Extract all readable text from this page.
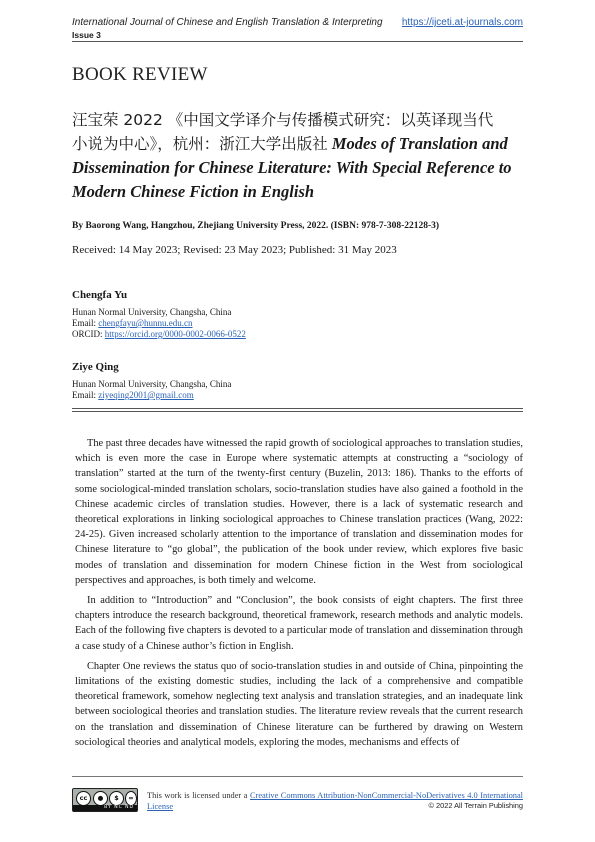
International Journal of Chinese and English Translation & Interpreting
Issue 3
https://ijceti.at-journals.com
BOOK REVIEW
汪宝荣 2022 《中国文学译介与传播模式研究：以英译现当代
小说为中心》，杭州：浙江大学出版社 Modes of Translation and Dissemination for Chinese Literature: With Special Reference to Modern Chinese Fiction in English
By Baorong Wang, Hangzhou, Zhejiang University Press, 2022. (ISBN: 978-7-308-22128-3)
Received: 14 May 2023; Revised: 23 May 2023; Published: 31 May 2023
Chengfa Yu
Hunan Normal University, Changsha, China
Email: chengfayu@hunnu.edu.cn
ORCID: https://orcid.org/0000-0002-0066-0522
Ziye Qing
Hunan Normal University, Changsha, China
Email: ziyeqing2001@gmail.com

The past three decades have witnessed the rapid growth of sociological approaches to translation studies, which is even more the case in Europe where systematic attempts at constructing a “sociology of translation” started at the turn of the twenty-first century (Buzelin, 2013: 186). Thanks to the efforts of some sociological-minded translation scholars, socio-translation studies have also gained a foothold in the Chinese academic circles of translation studies. However, there is a lack of systematic research and theoretical explorations in linking sociological approaches to Chinese translation practices (Wang, 2022: 24-25). Given increased scholarly attention to the importance of translation and dissemination modes for Chinese literature to “go global”, the publication of the book under review, which explores five basic modes of translation and dissemination for modern Chinese fiction in the West from sociological perspectives and approaches, is both timely and welcome.

In addition to “Introduction” and “Conclusion”, the book consists of eight chapters. The first three chapters introduce the research background, theoretical framework, research methods and analytic models. Each of the following five chapters is devoted to a particular mode of translation and dissemination through a case study of a Chinese author’s fiction in English.

Chapter One reviews the status quo of socio-translation studies in and outside of China, pinpointing the limitations of the existing domestic studies, including the lack of a comprehensive and compatible theoretical framework, somehow neglecting text analysis and translation strategies, and an inadequate link between sociological theories and translation studies. The literature review reveals that the current research on the translation and dissemination of Chinese literature can be furthered by drawing on Western sociological theories and analytical models, exploring the modes, mechanisms and effects of

cc	●	$	=
BY NC ND
This work is licensed under a Creative Commons Attribution-NonCommercial-NoDerivatives 4.0 International License	© 2022 All Terrain Publishing
